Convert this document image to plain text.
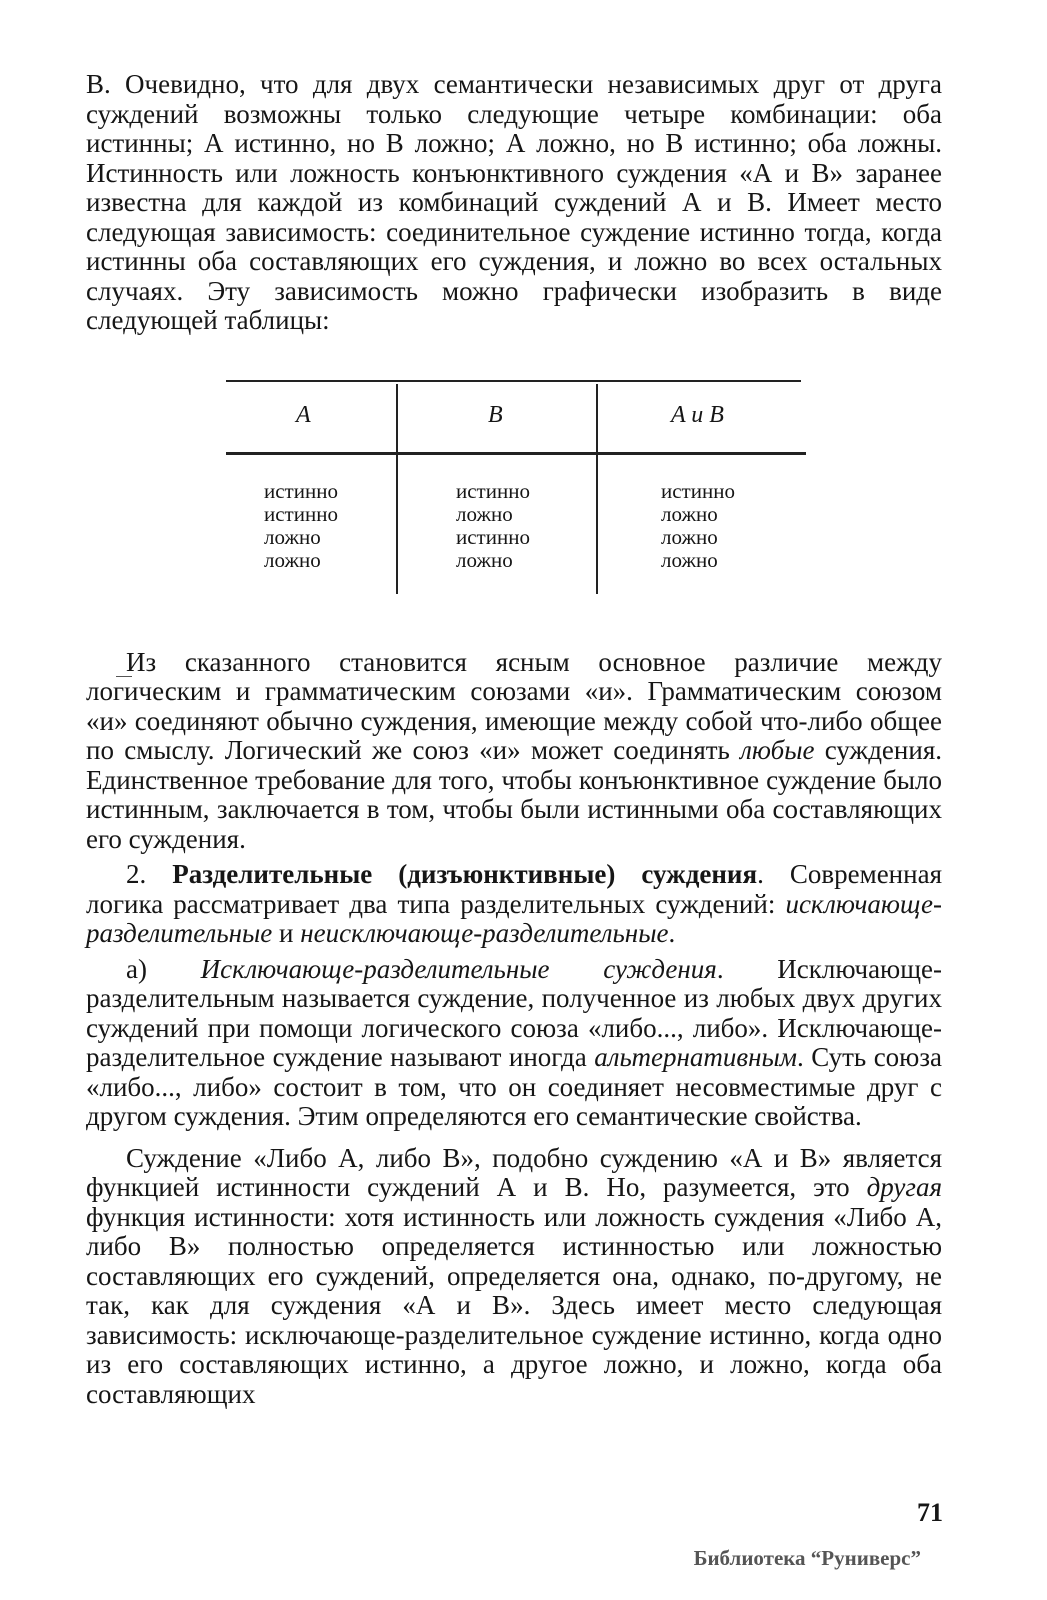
В. Очевидно, что для двух семантически независимых друг от друга суждений возможны только следующие четыре комбинации: оба истинны; А истинно, но В ложно; А ложно, но В истинно; оба ложны. Истинность или ложность конъюнктивного суждения «А и В» заранее известна для каждой из комбинаций суждений А и В. Имеет место следующая зависимость: соединительное суждение истинно тогда, когда истинны оба составляющих его суждения, и ложно во всех остальных случаях. Эту зависимость можно графически изобразить в виде следующей таблицы:

A	B	A и B
истинно
истинно
ложно
ложно
истинно
ложно
истинно
ложно
истинно
ложно
ложно
ложно

Из сказанного становится ясным основное различие между логическим и грамматическим союзами «и». Грамматическим союзом «и» соединяют обычно суждения, имеющие между собой что-либо общее по смыслу. Логический же союз «и» может соединять любые суждения. Единственное требование для того, чтобы конъюнктивное суждение было истинным, заключается в том, чтобы были истинными оба составляющих его суждения.

2. Разделительные (дизъюнктивные) суждения. Современная логика рассматривает два типа разделительных суждений: исключающе-разделительные и неисключающе-разделительные.

а) Исключающе-разделительные суждения. Исключающе-разделительным называется суждение, полученное из любых двух других суждений при помощи логического союза «либо..., либо». Исключающе-разделительное суждение называют иногда альтернативным. Суть союза «либо..., либо» состоит в том, что он соединяет несовместимые друг с другом суждения. Этим определяются его семантические свойства.

Суждение «Либо А, либо В», подобно суждению «А и В» является функцией истинности суждений А и В. Но, разумеется, это другая функция истинности: хотя истинность или ложность суждения «Либо А, либо В» полностью определяется истинностью или ложностью составляющих его суждений, определяется она, однако, по-другому, не так, как для суждения «А и В». Здесь имеет место следующая зависимость: исключающе-разделительное суждение истинно, когда одно из его составляющих истинно, а другое ложно, и ложно, когда оба составляющих

71
Библиотека “Руниверс”
